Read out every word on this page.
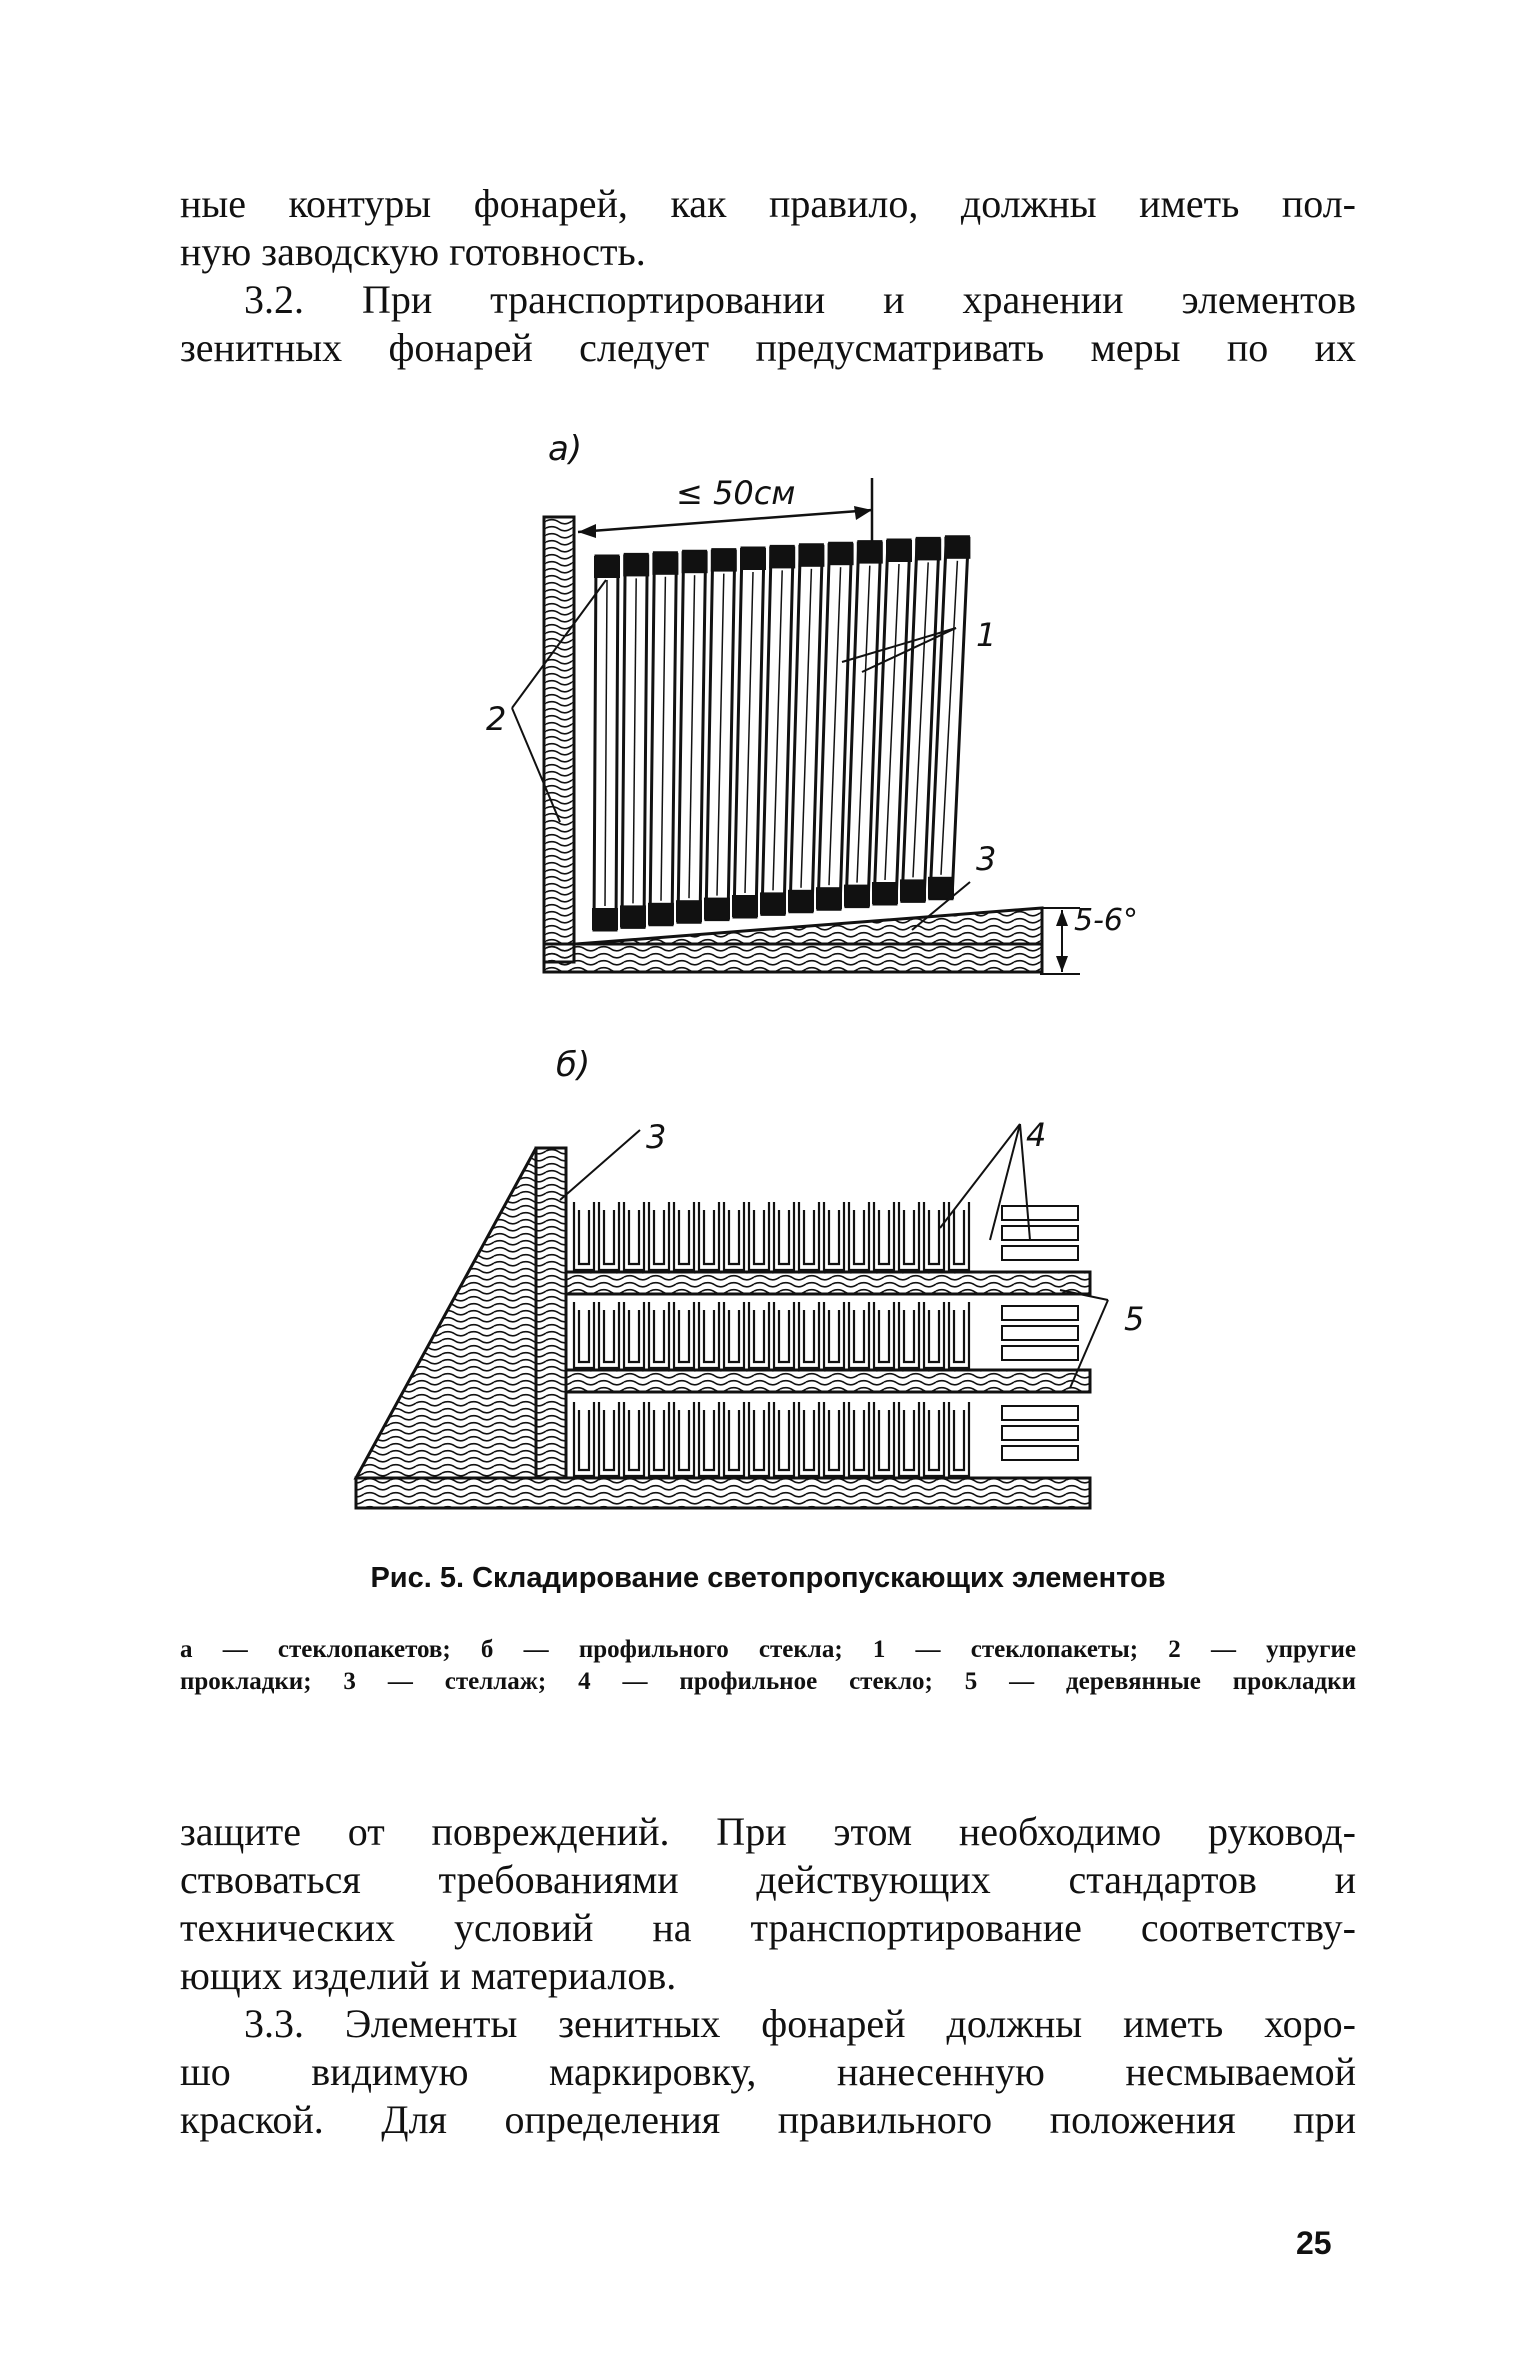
ные контуры фонарей, как правило, должны иметь пол-
ную заводскую готовность.
3.2. При транспортировании и хранении элементов
зенитных фонарей следует предусматривать меры по их
а)
≤ 50см
2
1
3
5-6°
б)
3	4
5

Рис. 5. Складирование светопропускающих элементов

а — стеклопакетов; б — профильного стекла; 1 — стеклопакеты; 2 — упругие
прокладки; 3 — стеллаж; 4 — профильное стекло; 5 — деревянные прокладки
защите от повреждений. При этом необходимо руковод-
ствоваться требованиями действующих стандартов и
технических условий на транспортирование соответству-
ющих изделий и материалов.
3.3. Элементы зенитных фонарей должны иметь хоро-
шо видимую маркировку, нанесенную несмываемой
краской. Для определения правильного положения при
25
